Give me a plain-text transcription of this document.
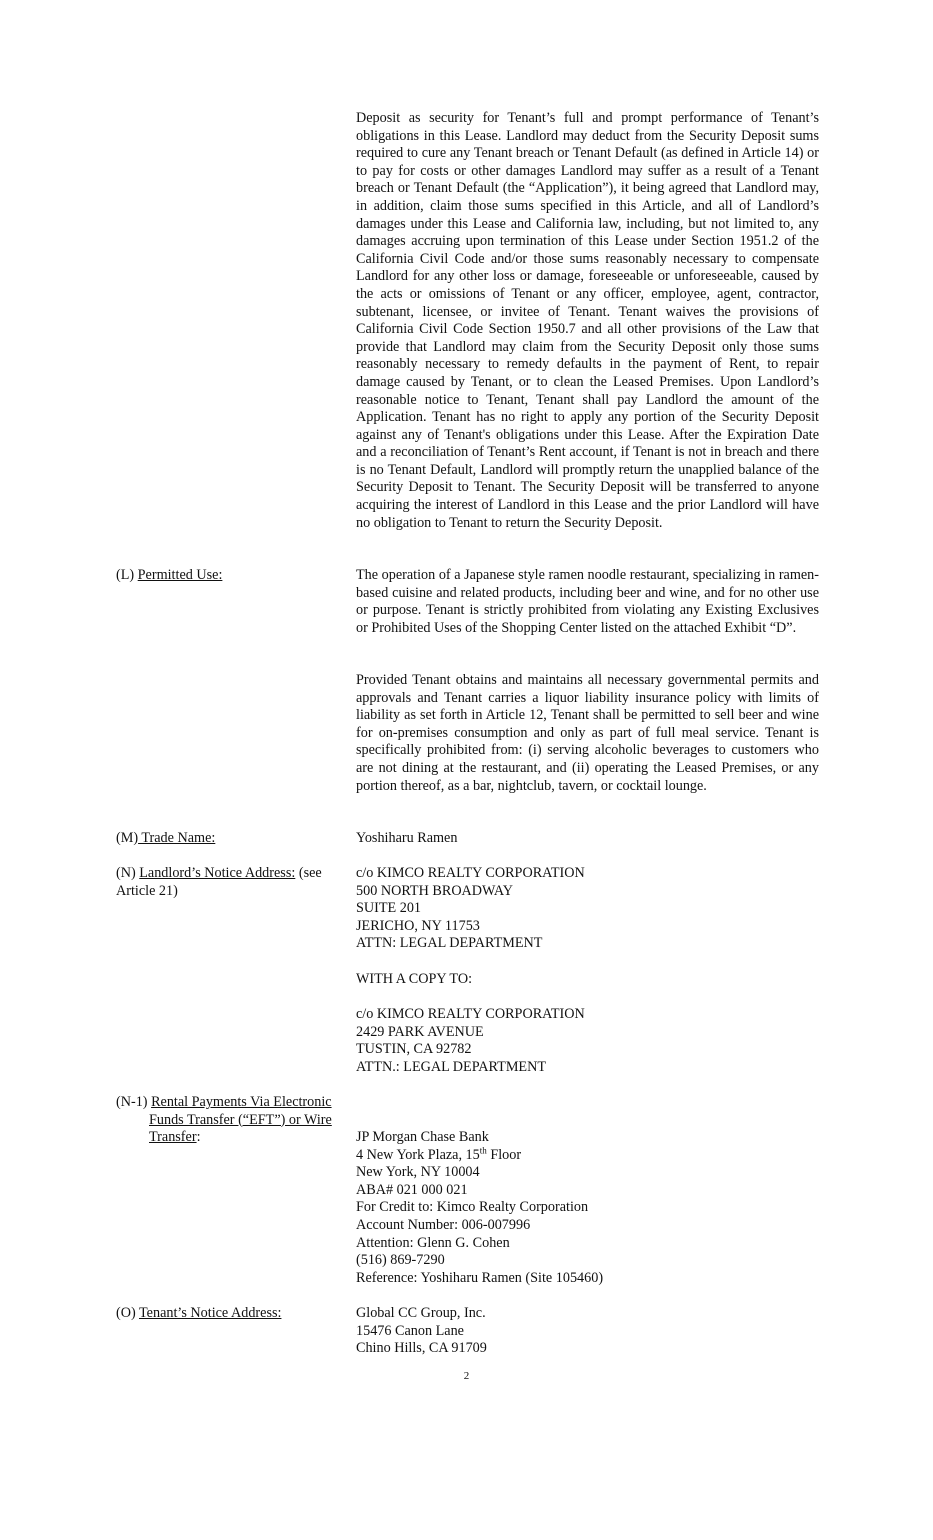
Deposit as security for Tenant’s full and prompt performance of Tenant’s obligations in this Lease. Landlord may deduct from the Security Deposit sums required to cure any Tenant breach or Tenant Default (as defined in Article 14) or to pay for costs or other damages Landlord may suffer as a result of a Tenant breach or Tenant Default (the “Application”), it being agreed that Landlord may, in addition, claim those sums specified in this Article, and all of Landlord’s damages under this Lease and California law, including, but not limited to, any damages accruing upon termination of this Lease under Section 1951.2 of the California Civil Code and/or those sums reasonably necessary to compensate Landlord for any other loss or damage, foreseeable or unforeseeable, caused by the acts or omissions of Tenant or any officer, employee, agent, contractor, subtenant, licensee, or invitee of Tenant. Tenant waives the provisions of California Civil Code Section 1950.7 and all other provisions of the Law that provide that Landlord may claim from the Security Deposit only those sums reasonably necessary to remedy defaults in the payment of Rent, to repair damage caused by Tenant, or to clean the Leased Premises. Upon Landlord’s reasonable notice to Tenant, Tenant shall pay Landlord the amount of the Application. Tenant has no right to apply any portion of the Security Deposit against any of Tenant's obligations under this Lease. After the Expiration Date and a reconciliation of Tenant’s Rent account, if Tenant is not in breach and there is no Tenant Default, Landlord will promptly return the unapplied balance of the Security Deposit to Tenant. The Security Deposit will be transferred to anyone acquiring the interest of Landlord in this Lease and the prior Landlord will have no obligation to Tenant to return the Security Deposit.

(L) Permitted Use:	The operation of a Japanese style ramen noodle restaurant, specializing in ramen-based cuisine and related products, including beer and wine, and for no other use or purpose. Tenant is strictly prohibited from violating any Existing Exclusives or Prohibited Uses of the Shopping Center listed on the attached Exhibit “D”.

Provided Tenant obtains and maintains all necessary governmental permits and approvals and Tenant carries a liquor liability insurance policy with limits of liability as set forth in Article 12, Tenant shall be permitted to sell beer and wine for on-premises consumption and only as part of full meal service. Tenant is specifically prohibited from: (i) serving alcoholic beverages to customers who are not dining at the restaurant, and (ii) operating the Leased Premises, or any portion thereof, as a bar, nightclub, tavern, or cocktail lounge.

(M) Trade Name:	Yoshiharu Ramen
(N) Landlord’s Notice Address: (see Article 21)
c/o KIMCO REALTY CORPORATION
500 NORTH BROADWAY
SUITE 201
JERICHO, NY 11753
ATTN: LEGAL DEPARTMENT
WITH A COPY TO:
c/o KIMCO REALTY CORPORATION
2429 PARK AVENUE
TUSTIN, CA 92782
ATTN.: LEGAL DEPARTMENT
(N-1) Rental Payments Via Electronic
Funds Transfer (“EFT”) or Wire
Transfer:	JP Morgan Chase Bank
4 New York Plaza, 15th Floor
New York, NY 10004
ABA# 021 000 021
For Credit to: Kimco Realty Corporation
Account Number: 006-007996
Attention: Glenn G. Cohen
(516) 869-7290
Reference: Yoshiharu Ramen (Site 105460)
(O) Tenant’s Notice Address:	Global CC Group, Inc.
15476 Canon Lane
Chino Hills, CA 91709
2
